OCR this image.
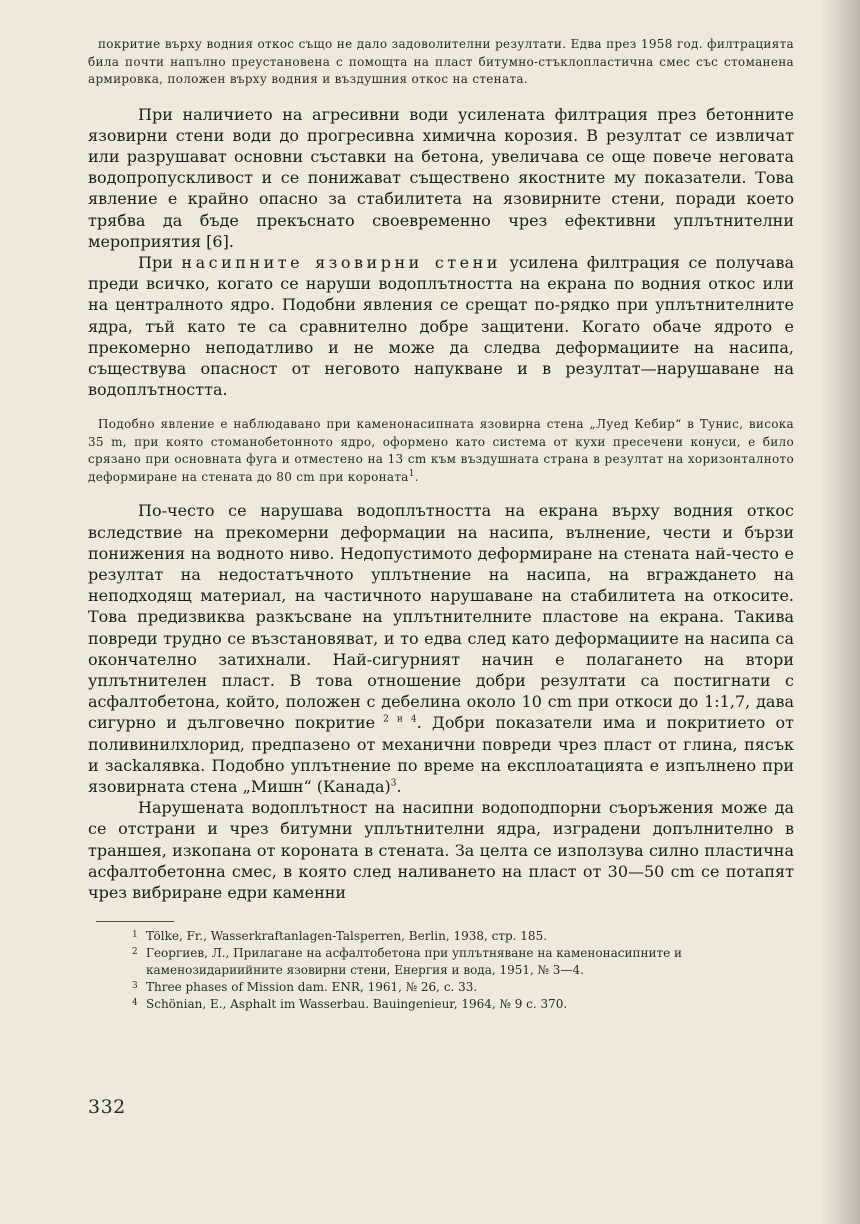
покритие върху водния откос също не дало задоволителни резултати. Едва през 1958 год. филтрацията била почти напълно преустановена с помощта на пласт битумно-стъклопластична смес със стоманена армировка, положен върху водния и въздушния откос на стената.

При наличието на агресивни води усилената филтрация през бетонните язовирни стени води до прогресивна химична корозия. В резултат се извличат или разрушават основни съставки на бетона, увеличава се още повече неговата водопропускливост и се понижават съществено якостните му показатели. Това явление е крайно опасно за стабилитета на язовирните стени, поради което трябва да бъде прекъснато своевременно чрез ефективни уплътнителни мероприятия [6].

При насипните язовирни стени усилена филтрация се получава преди всичко, когато се наруши водоплътността на екрана по водния откос или на централното ядро. Подобни явления се срещат по-рядко при уплътнителните ядра, тъй като те са сравнително добре защитени. Когато обаче ядрото е прекомерно неподатливо и не може да следва деформациите на насипа, съществува опасност от неговото напукване и в резултат—нарушаване на водоплътността.

Подобно явление е наблюдавано при каменонасипната язовирна стена „Луед Кебир“ в Тунис, висока 35 m, при която стоманобетонното ядро, оформено като система от кухи пресечени конуси, е било срязано при основната фуга и отместено на 13 cm към въздушната страна в резултат на хоризонталното деформиране на стената до 80 cm при короната$^1$.

По-често се нарушава водоплътността на екрана върху водния откос вследствие на прекомерни деформации на насипа, вълнение, чести и бързи понижения на водното ниво. Недопустимото деформиране на стената най-често е резултат на недостатъчното уплътнение на насипа, на вграждането на неподходящ материал, на частичното нарушаване на стабилитета на откосите. Това предизвиква разкъсване на уплътнителните пластове на екрана. Такива повреди трудно се възстановяват, и то едва след като деформациите на насипа са окончателно затихнали. Най-сигурният начин е полагането на втори уплътнителен пласт. В това отношение добри резултати са постигнати с асфалтобетона, който, положен с дебелина около 10 cm при откоси до 1:1,7, дава сигурно и дълговечно покритие $^{2 и 4}$. Добри показатели има и покритието от поливинилхлорид, предпазено от механични повреди чрез пласт от глина, пясък и засkaлявка. Подобно уплътнение по време на експлоатацията е изпълнено при язовирната стена „Мишн“ (Канада)$^3$.

Нарушената водоплътност на насипни водоподпорни съоръжения може да се отстрани и чрез битумни уплътнителни ядра, изградени допълнително в траншея, изкопана от короната в стената. За целта се използува силно пластична асфалтобетонна смес, в която след наливането на пласт от 30—50 cm се потапят чрез вибриране едри каменни

1 Tölke, Fr., Wasserkraftanlagen-Talsperren, Berlin, 1938, стр. 185.
2 Георгиев, Л., Прилагане на асфалтобетона при уплътняване на каменонасипните и каменозидариийните язовирни стени, Енергия и вода, 1951, № 3—4.
3 Three phases of Mission dam. ENR, 1961, № 26, с. 33.
4 Schönian, E., Asphalt im Wasserbau. Bauingenieur, 1964, № 9 с. 370.
332
